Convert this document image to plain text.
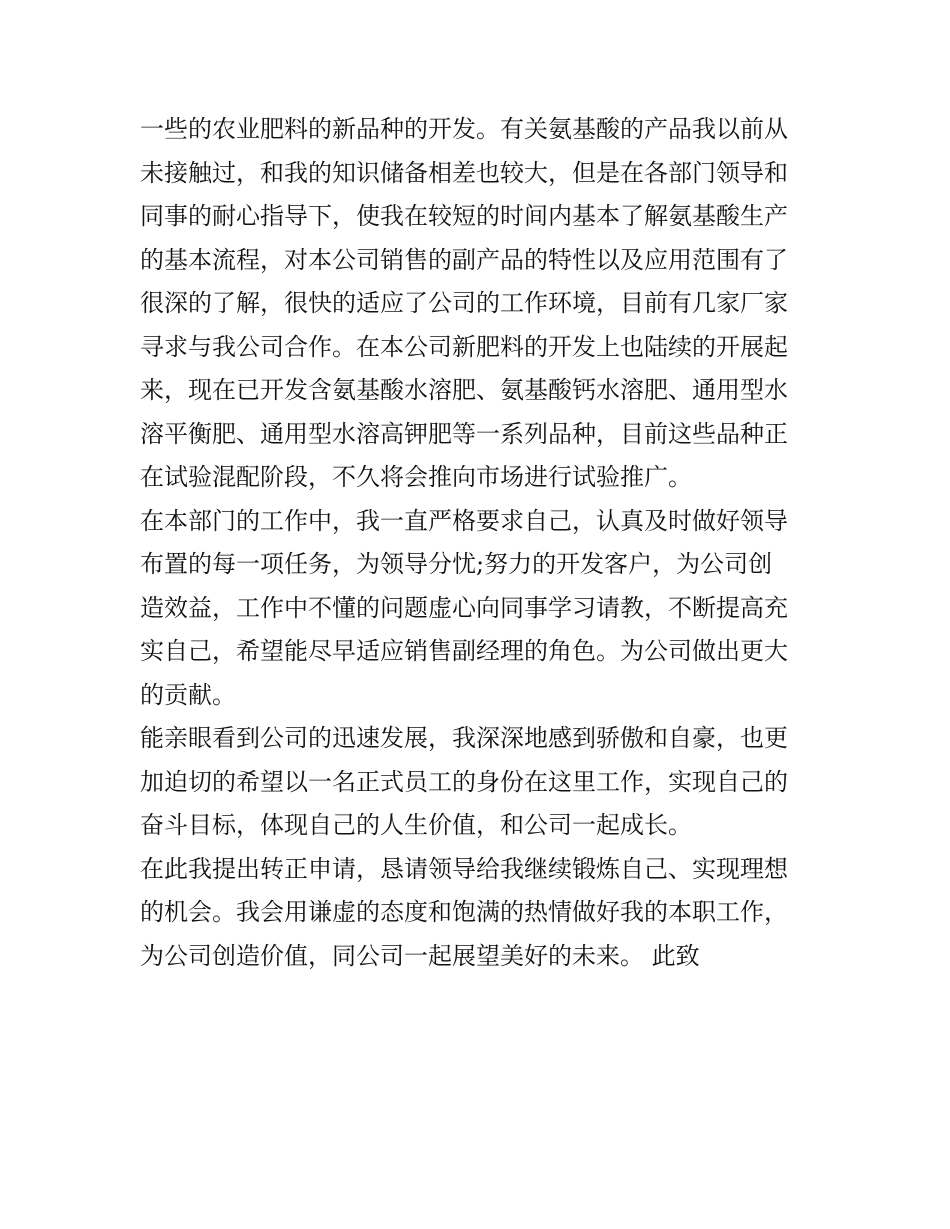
一些的农业肥料的新品种的开发。有关氨基酸的产品我以前从
未接触过，和我的知识储备相差也较大，但是在各部门领导和
同事的耐心指导下，使我在较短的时间内基本了解氨基酸生产
的基本流程，对本公司销售的副产品的特性以及应用范围有了
很深的了解，很快的适应了公司的工作环境，目前有几家厂家
寻求与我公司合作。在本公司新肥料的开发上也陆续的开展起
来，现在已开发含氨基酸水溶肥、氨基酸钙水溶肥、通用型水
溶平衡肥、通用型水溶高钾肥等一系列品种，目前这些品种正
在试验混配阶段，不久将会推向市场进行试验推广。
在本部门的工作中，我一直严格要求自己，认真及时做好领导
布置的每一项任务，为领导分忧;努力的开发客户，为公司创
造效益，工作中不懂的问题虚心向同事学习请教，不断提高充
实自己，希望能尽早适应销售副经理的角色。为公司做出更大
的贡献。
能亲眼看到公司的迅速发展，我深深地感到骄傲和自豪，也更
加迫切的希望以一名正式员工的身份在这里工作，实现自己的
奋斗目标，体现自己的人生价值，和公司一起成长。
在此我提出转正申请，恳请领导给我继续锻炼自己、实现理想
的机会。我会用谦虚的态度和饱满的热情做好我的本职工作，
为公司创造价值，同公司一起展望美好的未来。 此致
